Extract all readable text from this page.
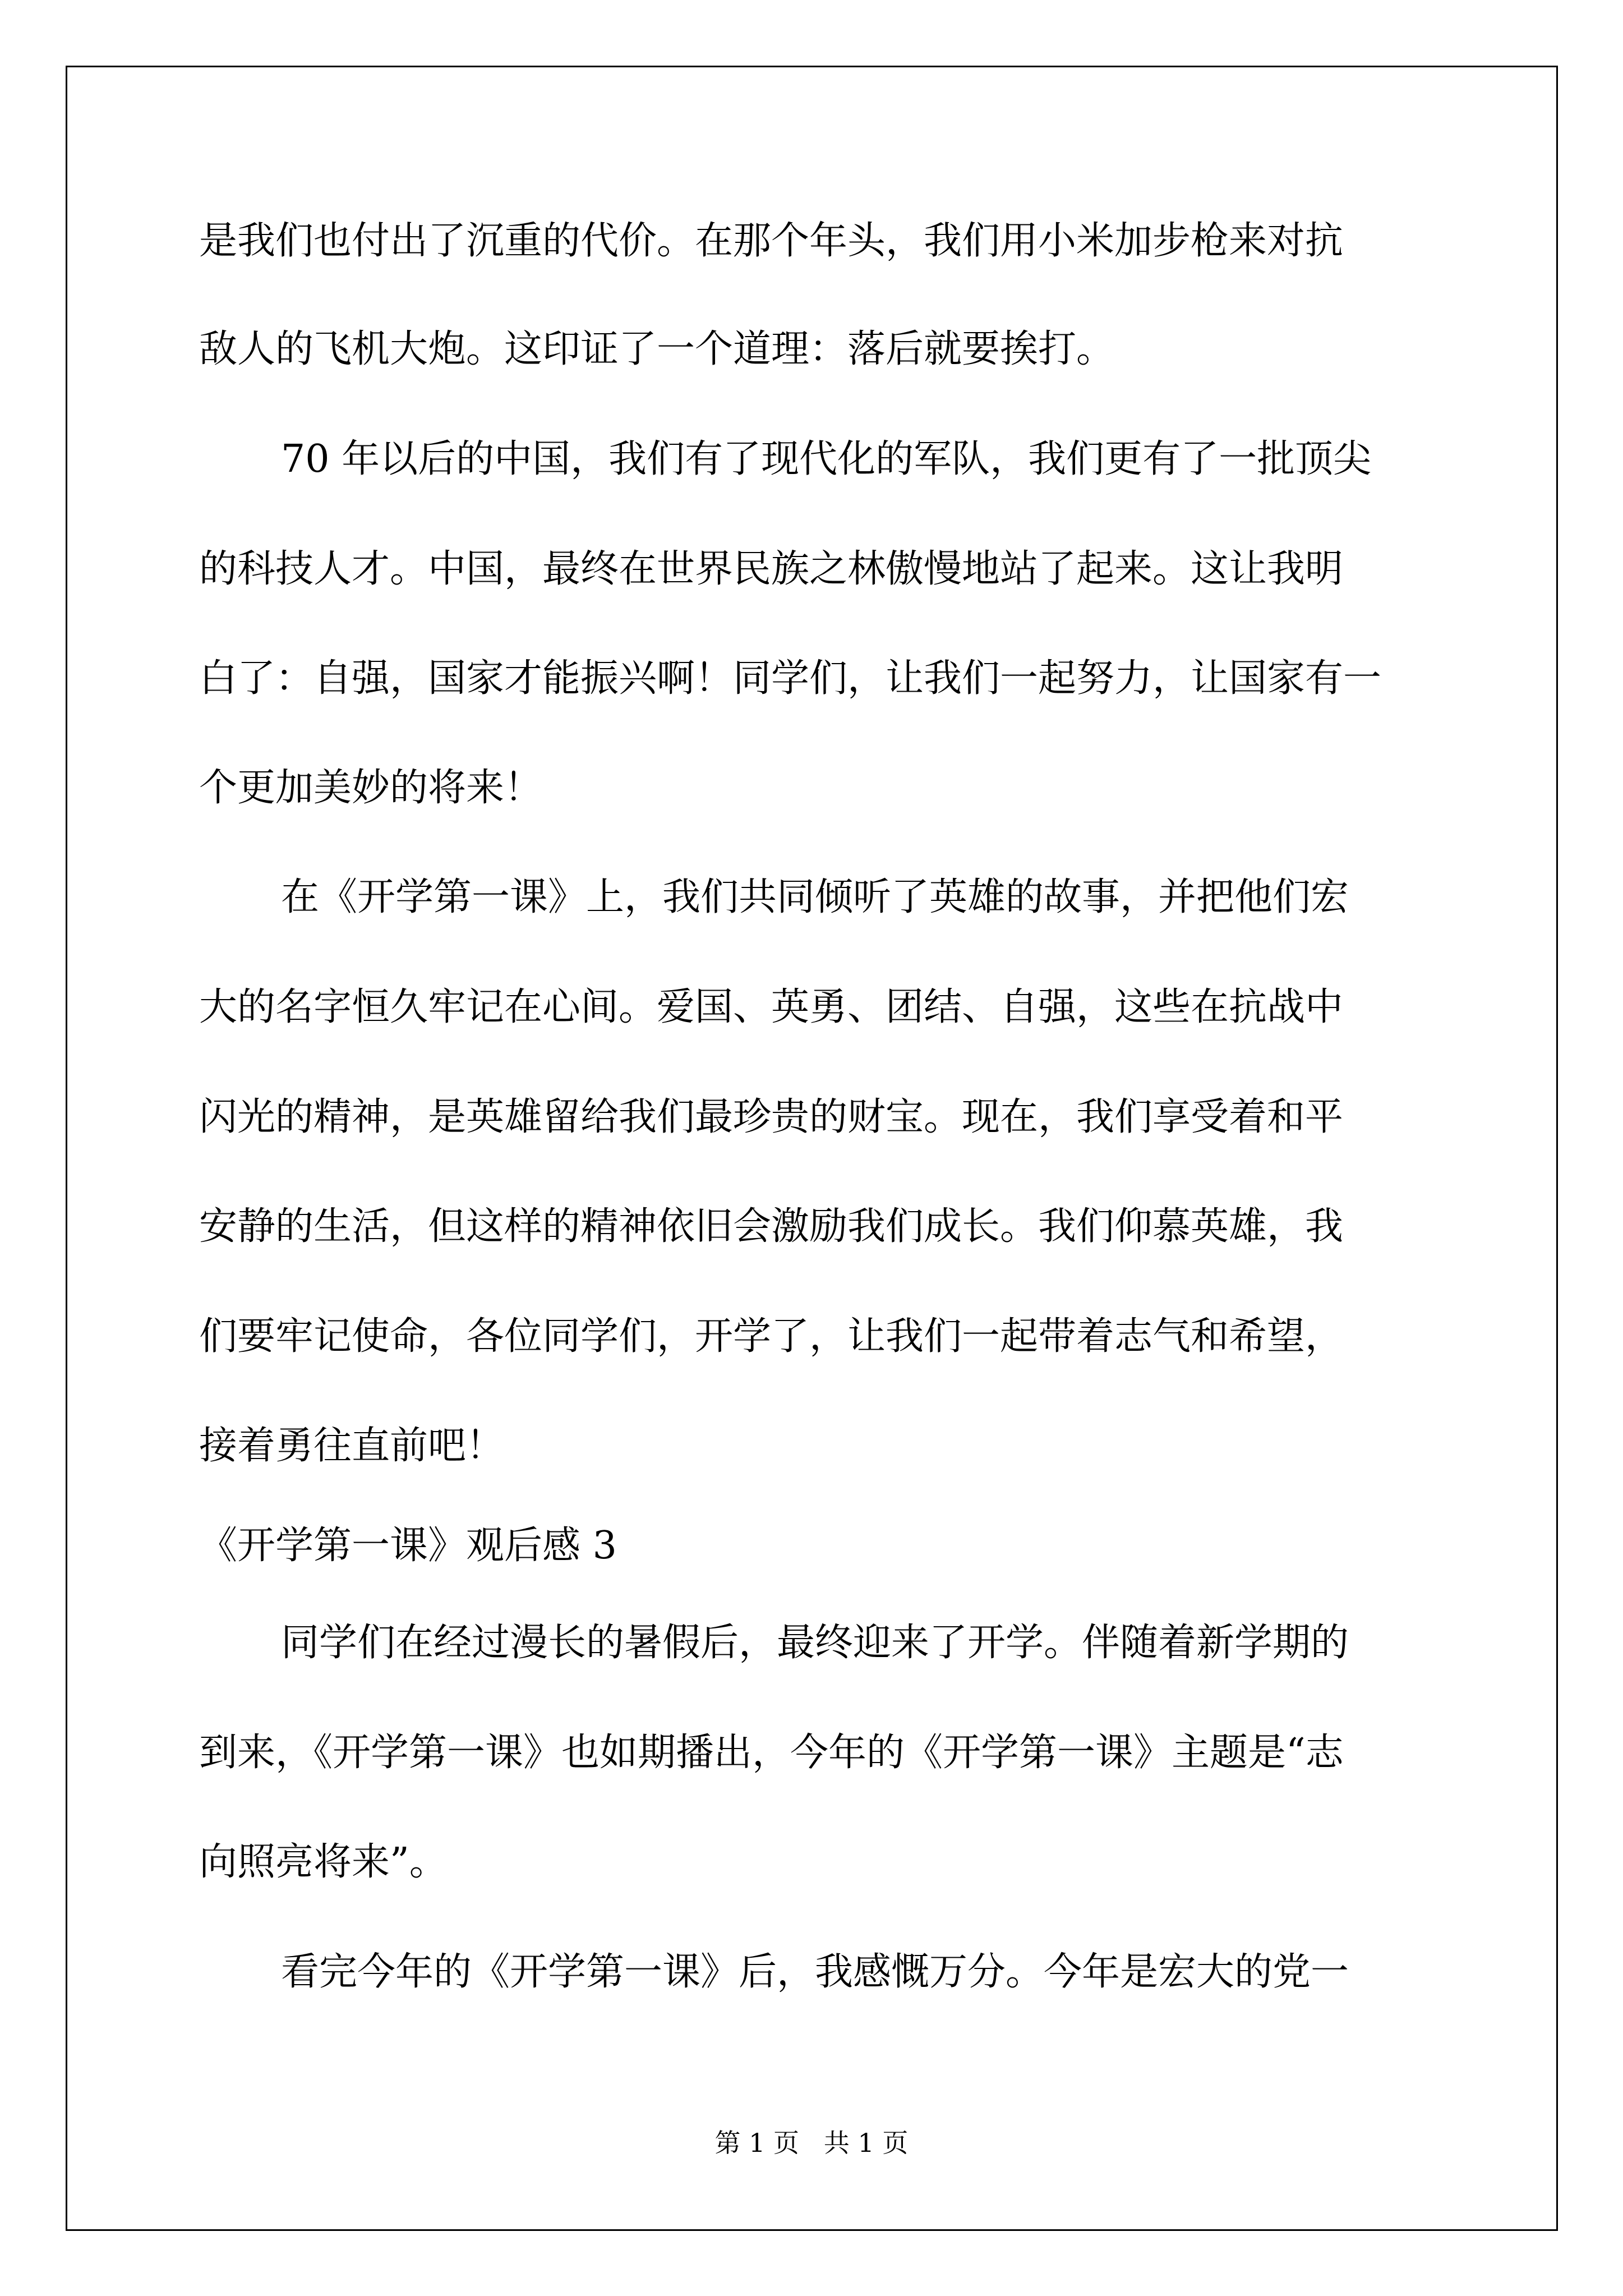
是我们也付出了沉重的代价。在那个年头，我们用小米加步枪来对抗
敌人的飞机大炮。这印证了一个道理：落后就要挨打。
70 年以后的中国，我们有了现代化的军队，我们更有了一批顶尖
的科技人才。中国，最终在世界民族之林傲慢地站了起来。这让我明
白了：自强，国家才能振兴啊！同学们，让我们一起努力，让国家有一
个更加美妙的将来！
在《开学第一课》上，我们共同倾听了英雄的故事，并把他们宏
大的名字恒久牢记在心间。爱国、英勇、团结、自强，这些在抗战中
闪光的精神，是英雄留给我们最珍贵的财宝。现在，我们享受着和平
安静的生活，但这样的精神依旧会激励我们成长。我们仰慕英雄，我
们要牢记使命，各位同学们，开学了，让我们一起带着志气和希望，
接着勇往直前吧！
《开学第一课》观后感 3
同学们在经过漫长的暑假后，最终迎来了开学。伴随着新学期的
到来，《开学第一课》也如期播出，今年的《开学第一课》主题是“志
向照亮将来”。
看完今年的《开学第一课》后，我感慨万分。今年是宏大的党一
第 1 页   共 1 页
